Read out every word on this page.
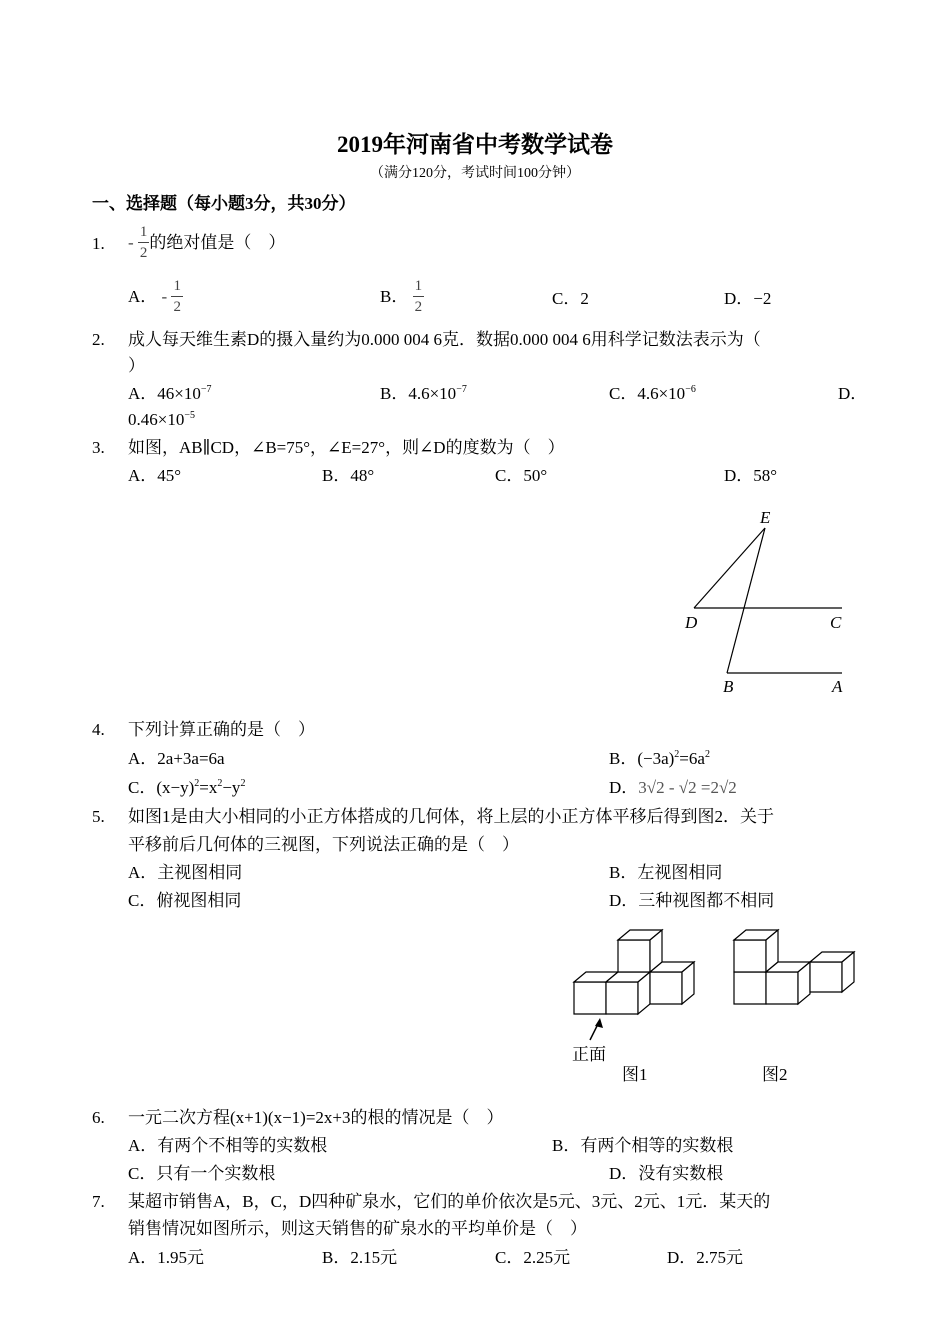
2019年河南省中考数学试卷
（满分120分，考试时间100分钟）
一、选择题（每小题3分，共30分）
1. - $\frac{1}{2}$ 的绝对值是（　）
A． - $\frac{1}{2}$	B． $\frac{1}{2}$	C．2	D．−2
2. 成人每天维生素D的摄入量约为0.000 004 6克．数据0.000 004 6用科学记数法表示为（
）
A．$46\times 10^{-7}$	B．$4.6\times 10^{-7}$	C．$4.6\times 10^{-6}$	D．
$0.46\times 10^{-5}$
3. 如图，AB∥CD，∠B=75°，∠E=27°，则∠D的度数为（　）
A．45°	B．48°	C．50°	D．58°
E
D	C
B	A
4. 下列计算正确的是（　）
A．2a+3a=6a	B．$(-3a)^2=6a^2$
C．$(x-y)^2=x^2-y^2$	D．3√2 - √2 =2√2
5. 如图1是由大小相同的小正方体搭成的几何体，将上层的小正方体平移后得到图2．关于
平移前后几何体的三视图，下列说法正确的是（　）
A．主视图相同	B．左视图相同
C．俯视图相同	D．三种视图都不相同
正面
图1	图2
6. 一元二次方程(x+1)(x−1)=2x+3的根的情况是（　）
A．有两个不相等的实数根	B．有两个相等的实数根
C．只有一个实数根	D．没有实数根
7. 某超市销售A，B，C，D四种矿泉水，它们的单价依次是5元、3元、2元、1元．某天的
销售情况如图所示，则这天销售的矿泉水的平均单价是（　）
A．1.95元	B．2.15元	C．2.25元	D．2.75元
